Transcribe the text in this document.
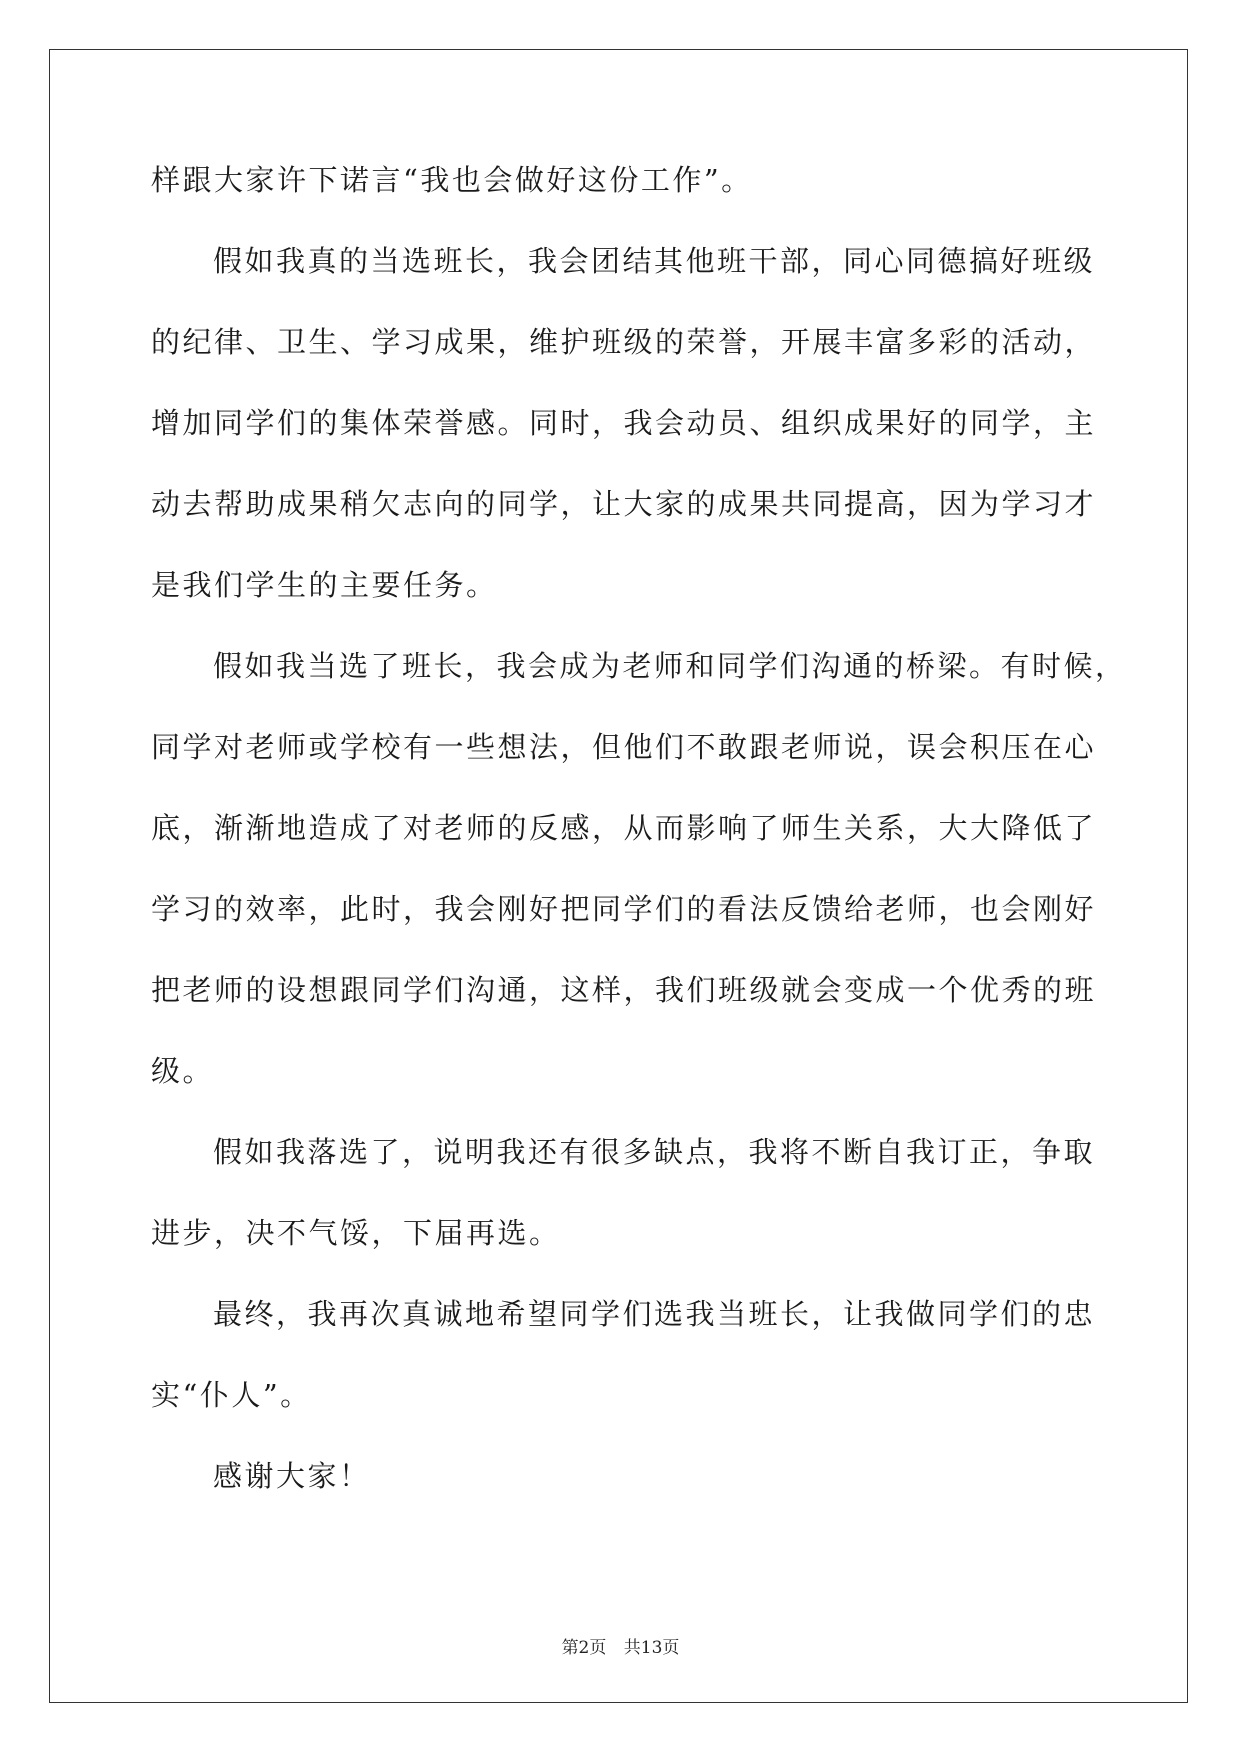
样跟大家许下诺言“我也会做好这份工作”。
假如我真的当选班长，我会团结其他班干部，同心同德搞好班级
的纪律、卫生、学习成果，维护班级的荣誉，开展丰富多彩的活动，
增加同学们的集体荣誉感。同时，我会动员、组织成果好的同学，主
动去帮助成果稍欠志向的同学，让大家的成果共同提高，因为学习才
是我们学生的主要任务。
假如我当选了班长，我会成为老师和同学们沟通的桥梁。有时候，
同学对老师或学校有一些想法，但他们不敢跟老师说，误会积压在心
底，渐渐地造成了对老师的反感，从而影响了师生关系，大大降低了
学习的效率，此时，我会刚好把同学们的看法反馈给老师，也会刚好
把老师的设想跟同学们沟通，这样，我们班级就会变成一个优秀的班
级。
假如我落选了，说明我还有很多缺点，我将不断自我订正，争取
进步，决不气馁，下届再选。
最终，我再次真诚地希望同学们选我当班长，让我做同学们的忠
实“仆人”。
感谢大家！
第2页 共13页
